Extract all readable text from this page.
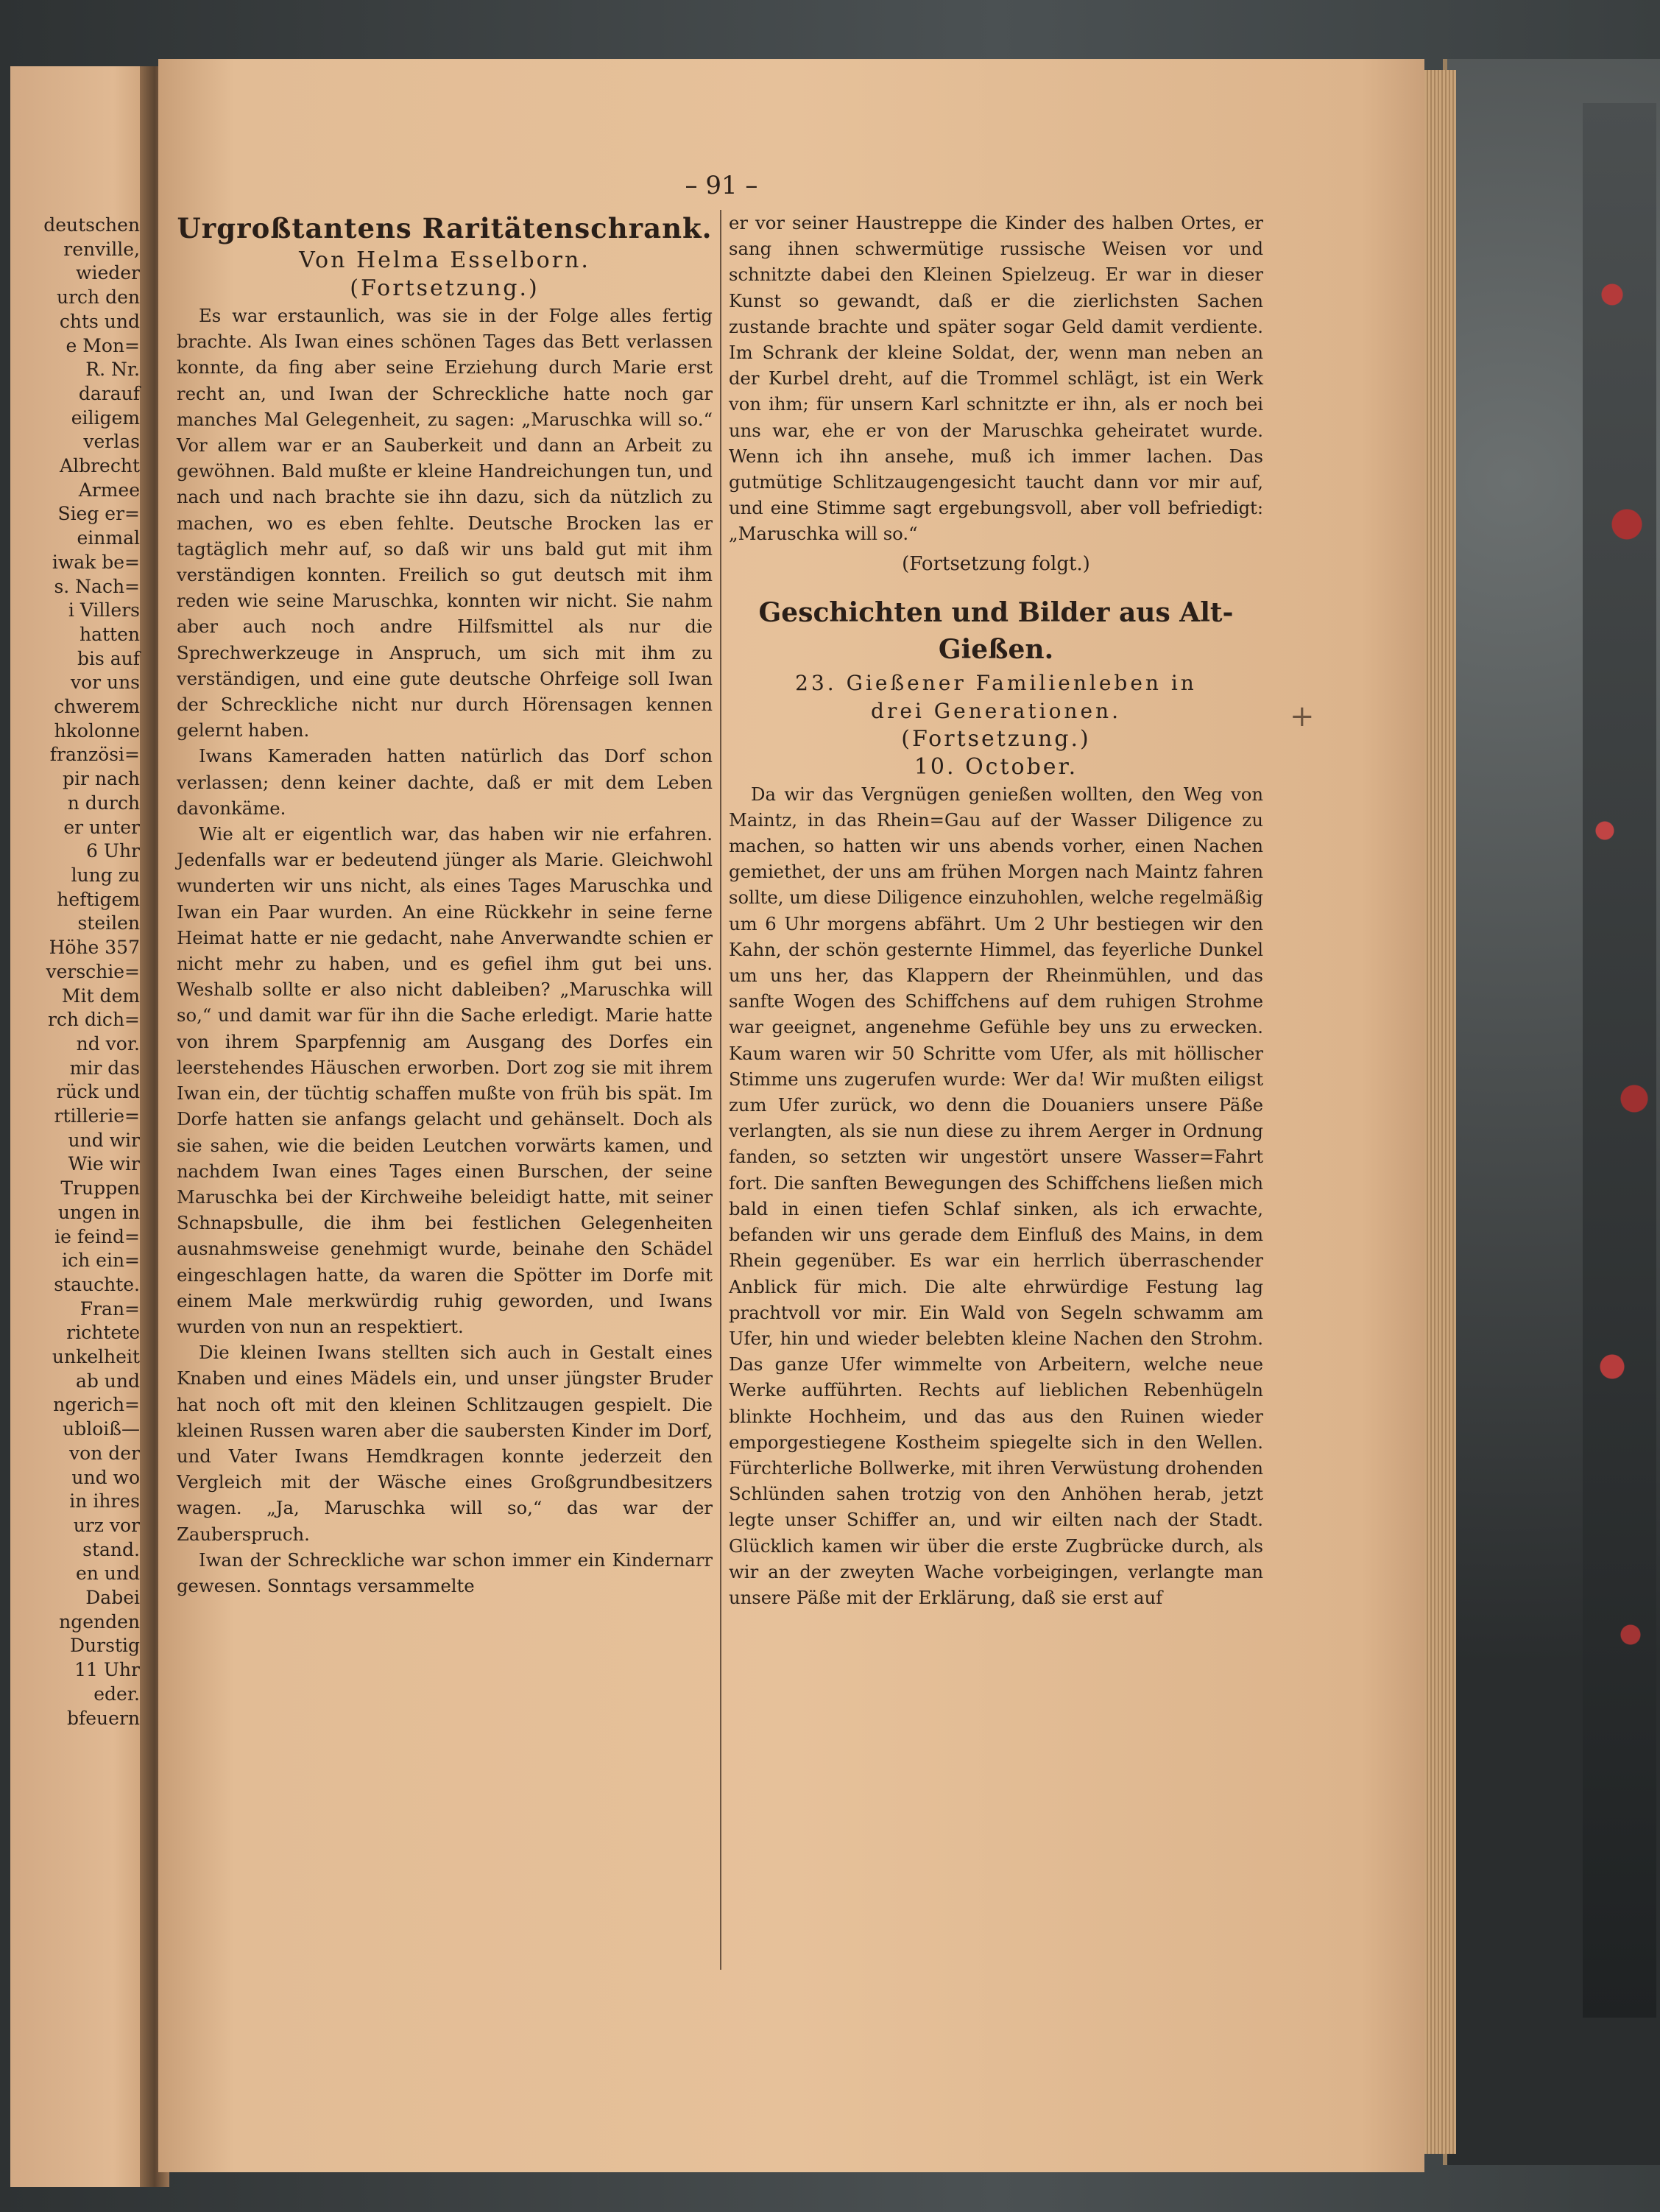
deutschen
renville,
wieder
urch den
chts und
e Mon=
R. Nr.
darauf
eiligem
verlas
Albrecht
Armee
Sieg er=
einmal
iwak be=
s. Nach=
i Villers
hatten
bis auf
vor uns
chwerem
hkolonne
französi=
pir nach
n durch
er unter
6 Uhr
lung zu
heftigem
steilen
Höhe 357
verschie=
Mit dem
rch dich=
nd vor.
mir das
rück und
rtillerie=
und wir
Wie wir
Truppen
ungen in
ie feind=
ich ein=
stauchte.
Fran=
richtete
unkelheit
ab und
ngerich=
ubloiß—
von der
und wo
in ihres
urz vor
stand.
en und
Dabei
ngenden
Durstig
11 Uhr
eder.
bfeuern
– 91 –
Urgroßtantens Raritätenschrank.
Von Helma Esselborn.
(Fortsetzung.)

Es war erstaunlich, was sie in der Folge alles fertig brachte. Als Iwan eines schönen Tages das Bett verlassen konnte, da fing aber seine Erziehung durch Marie erst recht an, und Iwan der Schreckliche hatte noch gar manches Mal Gelegenheit, zu sagen: „Maruschka will so.“ Vor allem war er an Sauberkeit und dann an Arbeit zu gewöhnen. Bald mußte er kleine Handreichungen tun, und nach und nach brachte sie ihn dazu, sich da nützlich zu machen, wo es eben fehlte. Deutsche Brocken las er tagtäglich mehr auf, so daß wir uns bald gut mit ihm verständigen konnten. Freilich so gut deutsch mit ihm reden wie seine Maruschka, konnten wir nicht. Sie nahm aber auch noch andre Hilfsmittel als nur die Sprechwerkzeuge in Anspruch, um sich mit ihm zu verständigen, und eine gute deutsche Ohrfeige soll Iwan der Schreckliche nicht nur durch Hörensagen kennen gelernt haben.

Iwans Kameraden hatten natürlich das Dorf schon verlassen; denn keiner dachte, daß er mit dem Leben davonkäme.

Wie alt er eigentlich war, das haben wir nie erfahren. Jedenfalls war er bedeutend jünger als Marie. Gleichwohl wunderten wir uns nicht, als eines Tages Maruschka und Iwan ein Paar wurden. An eine Rückkehr in seine ferne Heimat hatte er nie gedacht, nahe Anverwandte schien er nicht mehr zu haben, und es gefiel ihm gut bei uns. Weshalb sollte er also nicht dableiben? „Maruschka will so,“ und damit war für ihn die Sache erledigt. Marie hatte von ihrem Sparpfennig am Ausgang des Dorfes ein leerstehendes Häuschen erworben. Dort zog sie mit ihrem Iwan ein, der tüchtig schaffen mußte von früh bis spät. Im Dorfe hatten sie anfangs gelacht und gehänselt. Doch als sie sahen, wie die beiden Leutchen vorwärts kamen, und nachdem Iwan eines Tages einen Burschen, der seine Maruschka bei der Kirchweihe beleidigt hatte, mit seiner Schnapsbulle, die ihm bei festlichen Gelegenheiten ausnahmsweise genehmigt wurde, beinahe den Schädel eingeschlagen hatte, da waren die Spötter im Dorfe mit einem Male merkwürdig ruhig geworden, und Iwans wurden von nun an respektiert.

Die kleinen Iwans stellten sich auch in Gestalt eines Knaben und eines Mädels ein, und unser jüngster Bruder hat noch oft mit den kleinen Schlitzaugen gespielt. Die kleinen Russen waren aber die saubersten Kinder im Dorf, und Vater Iwans Hemdkragen konnte jederzeit den Vergleich mit der Wäsche eines Großgrundbesitzers wagen. „Ja, Maruschka will so,“ das war der Zauberspruch.

Iwan der Schreckliche war schon immer ein Kindernarr gewesen. Sonntags versammelte

er vor seiner Haustreppe die Kinder des halben Ortes, er sang ihnen schwermütige russische Weisen vor und schnitzte dabei den Kleinen Spielzeug. Er war in dieser Kunst so gewandt, daß er die zierlichsten Sachen zustande brachte und später sogar Geld damit verdiente. Im Schrank der kleine Soldat, der, wenn man neben an der Kurbel dreht, auf die Trommel schlägt, ist ein Werk von ihm; für unsern Karl schnitzte er ihn, als er noch bei uns war, ehe er von der Maruschka geheiratet wurde. Wenn ich ihn ansehe, muß ich immer lachen. Das gutmütige Schlitzaugengesicht taucht dann vor mir auf, und eine Stimme sagt ergebungsvoll, aber voll befriedigt: „Maruschka will so.“

(Fortsetzung folgt.)
Geschichten und Bilder aus Alt-Gießen.
23. Gießener Familienleben in
drei Generationen.
(Fortsetzung.)
10. October.

Da wir das Vergnügen genießen wollten, den Weg von Maintz, in das Rhein=Gau auf der Wasser Diligence zu machen, so hatten wir uns abends vorher, einen Nachen gemiethet, der uns am frühen Morgen nach Maintz fahren sollte, um diese Diligence einzuhohlen, welche regelmäßig um 6 Uhr morgens abfährt. Um 2 Uhr bestiegen wir den Kahn, der schön gesternte Himmel, das feyerliche Dunkel um uns her, das Klappern der Rheinmühlen, und das sanfte Wogen des Schiffchens auf dem ruhigen Strohme war geeignet, angenehme Gefühle bey uns zu erwecken. Kaum waren wir 50 Schritte vom Ufer, als mit höllischer Stimme uns zugerufen wurde: Wer da! Wir mußten eiligst zum Ufer zurück, wo denn die Douaniers unsere Päße verlangten, als sie nun diese zu ihrem Aerger in Ordnung fanden, so setzten wir ungestört unsere Wasser=Fahrt fort. Die sanften Bewegungen des Schiffchens ließen mich bald in einen tiefen Schlaf sinken, als ich erwachte, befanden wir uns gerade dem Einfluß des Mains, in dem Rhein gegenüber. Es war ein herrlich überraschender Anblick für mich. Die alte ehrwürdige Festung lag prachtvoll vor mir. Ein Wald von Segeln schwamm am Ufer, hin und wieder belebten kleine Nachen den Strohm. Das ganze Ufer wimmelte von Arbeitern, welche neue Werke aufführten. Rechts auf lieblichen Rebenhügeln blinkte Hochheim, und das aus den Ruinen wieder emporgestiegene Kostheim spiegelte sich in den Wellen. Fürchterliche Bollwerke, mit ihren Verwüstung drohenden Schlünden sahen trotzig von den Anhöhen herab, jetzt legte unser Schiffer an, und wir eilten nach der Stadt. Glücklich kamen wir über die erste Zugbrücke durch, als wir an der zweyten Wache vorbeigingen, verlangte man unsere Päße mit der Erklärung, daß sie erst auf

+
